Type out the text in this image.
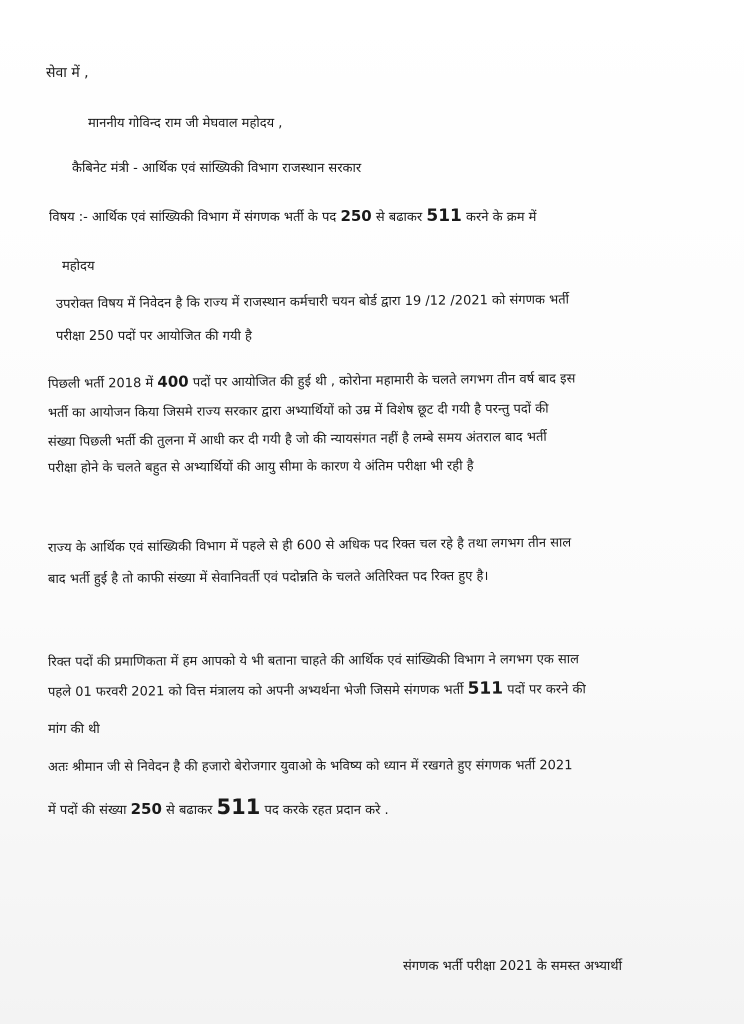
सेवा में ,
माननीय गोविन्द राम जी मेघवाल महोदय ,
कैबिनेट मंत्री - आर्थिक एवं सांख्यिकी विभाग राजस्थान सरकार
विषय :- आर्थिक एवं सांख्यिकी विभाग में संगणक भर्ती के पद 250 से बढाकर 511 करने के क्रम में
महोदय
उपरोक्त विषय में निवेदन है कि राज्य में राजस्थान कर्मचारी चयन बोर्ड द्वारा 19 /12 /2021 को संगणक भर्ती
परीक्षा 250 पदों पर आयोजित की गयी है
पिछली भर्ती 2018 में 400 पदों पर आयोजित की हुई थी , कोरोना महामारी के चलते लगभग तीन वर्ष बाद इस
भर्ती का आयोजन किया जिसमे राज्य सरकार द्वारा अभ्यार्थियों को उम्र में विशेष छूट दी गयी है परन्तु पदों की
संख्या पिछली भर्ती की तुलना में आधी कर दी गयी है जो की न्यायसंगत नहीं है लम्बे समय अंतराल बाद भर्ती
परीक्षा होने के चलते बहुत से अभ्यार्थियों की आयु सीमा के कारण ये अंतिम परीक्षा भी रही है
राज्य के आर्थिक एवं सांख्यिकी विभाग में पहले से ही 600 से अधिक पद रिक्त चल रहे है तथा लगभग तीन साल
बाद भर्ती हुई है तो काफी संख्या में सेवानिवर्ती एवं पदोन्नति के चलते अतिरिक्त पद रिक्त हुए है।
रिक्त पदों की प्रमाणिकता में हम आपको ये भी बताना चाहते की आर्थिक एवं सांख्यिकी विभाग ने लगभग एक साल
पहले 01 फरवरी 2021 को वित्त मंत्रालय को अपनी अभ्यर्थना भेजी जिसमे संगणक भर्ती 511 पदों पर करने की
मांग की थी
अतः श्रीमान जी से निवेदन है की हजारो बेरोजगार युवाओ के भविष्य को ध्यान में रखगते हुए संगणक भर्ती 2021
में पदों की संख्या 250 से बढाकर 511 पद करके रहत प्रदान करे .
संगणक भर्ती परीक्षा 2021 के समस्त अभ्यार्थी
